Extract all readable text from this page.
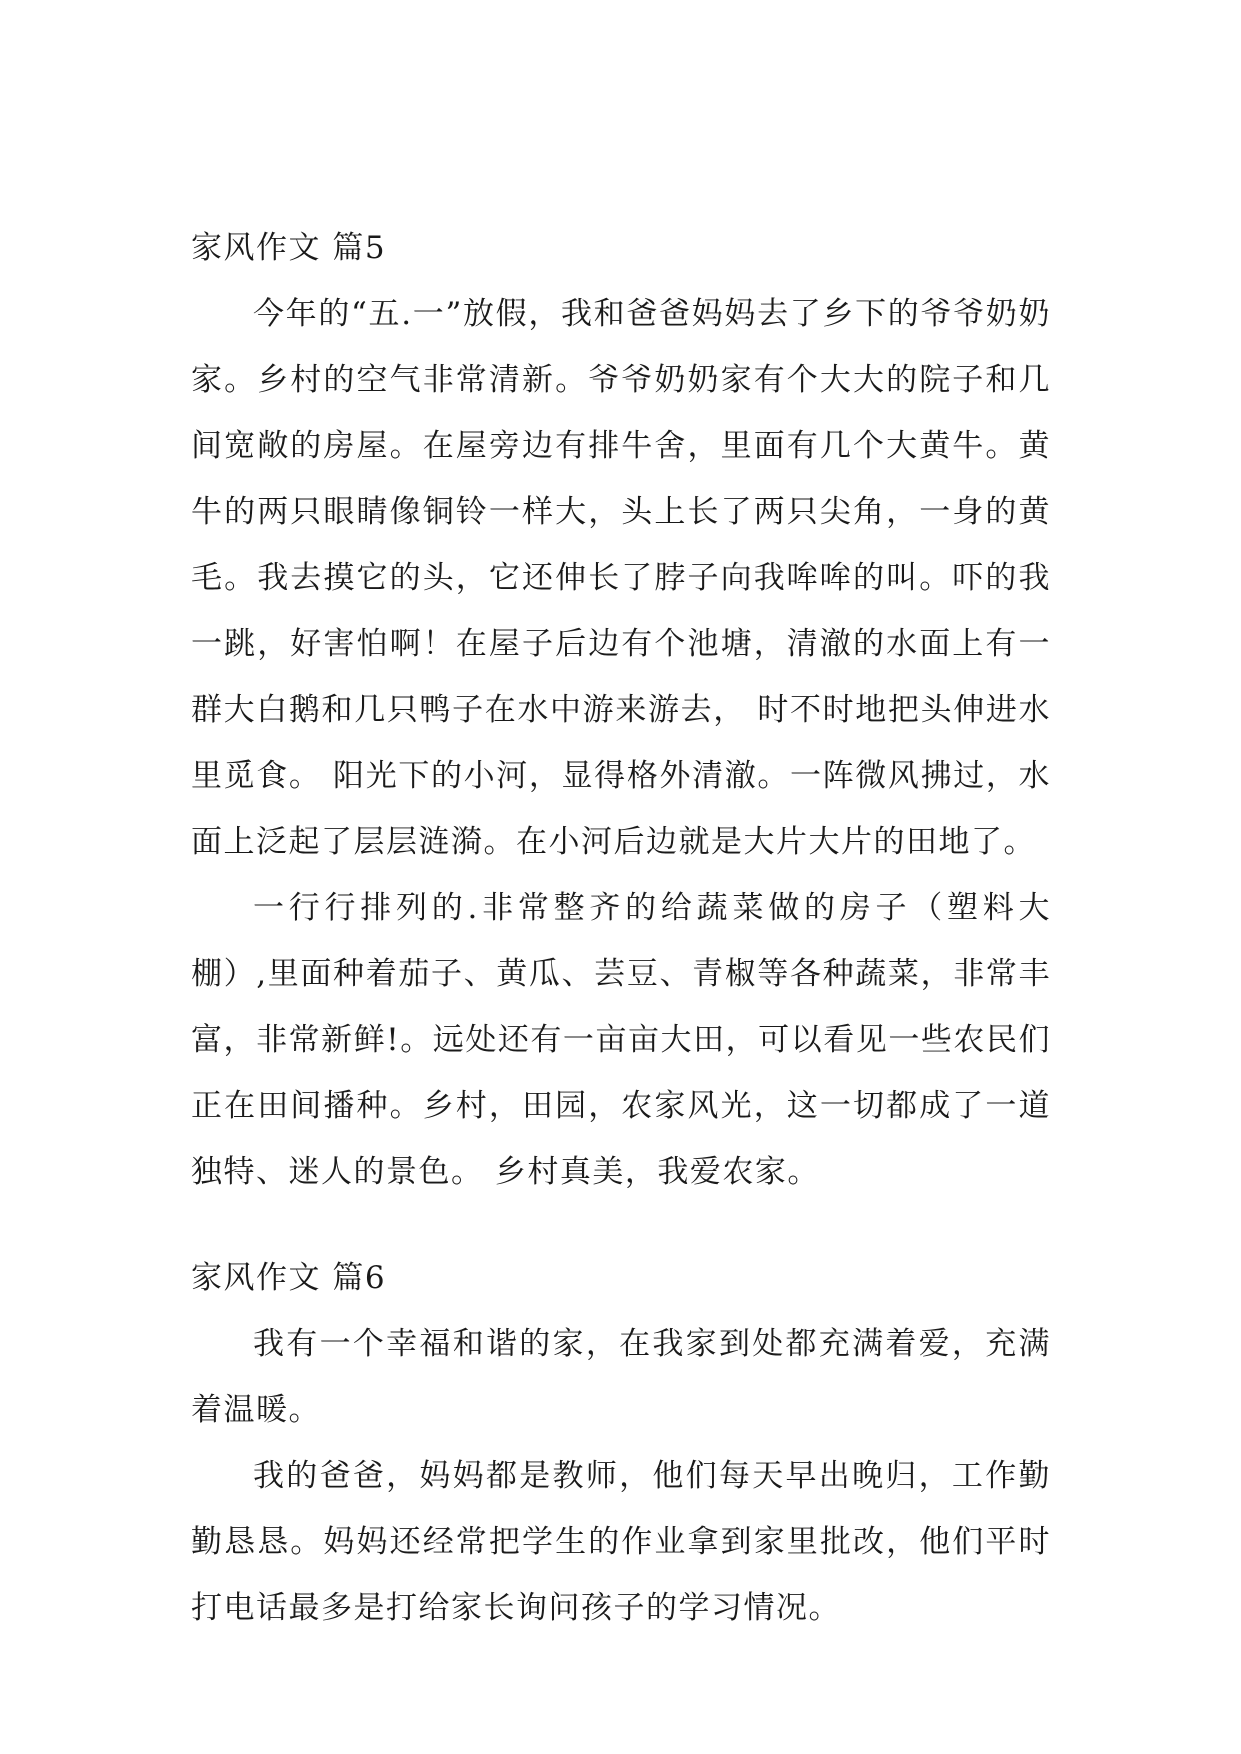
家风作文 篇5

今年的“五.一”放假，我和爸爸妈妈去了乡下的爷爷奶奶家。乡村的空气非常清新。爷爷奶奶家有个大大的院子和几间宽敞的房屋。在屋旁边有排牛舍，里面有几个大黄牛。黄牛的两只眼睛像铜铃一样大，头上长了两只尖角，一身的黄毛。我去摸它的头，它还伸长了脖子向我哞哞的叫。吓的我一跳，好害怕啊！在屋子后边有个池塘，清澈的水面上有一群大白鹅和几只鸭子在水中游来游去， 时不时地把头伸进水里觅食。 阳光下的小河，显得格外清澈。一阵微风拂过，水面上泛起了层层涟漪。在小河后边就是大片大片的田地了。

一行行排列的.非常整齐的给蔬菜做的房子（塑料大棚）,里面种着茄子、黄瓜、芸豆、青椒等各种蔬菜，非常丰富，非常新鲜!。远处还有一亩亩大田，可以看见一些农民们正在田间播种。乡村，田园，农家风光，这一切都成了一道独特、迷人的景色。 乡村真美，我爱农家。

家风作文 篇6

我有一个幸福和谐的家，在我家到处都充满着爱，充满着温暖。

我的爸爸，妈妈都是教师，他们每天早出晚归，工作勤勤恳恳。妈妈还经常把学生的作业拿到家里批改，他们平时打电话最多是打给家长询问孩子的学习情况。
